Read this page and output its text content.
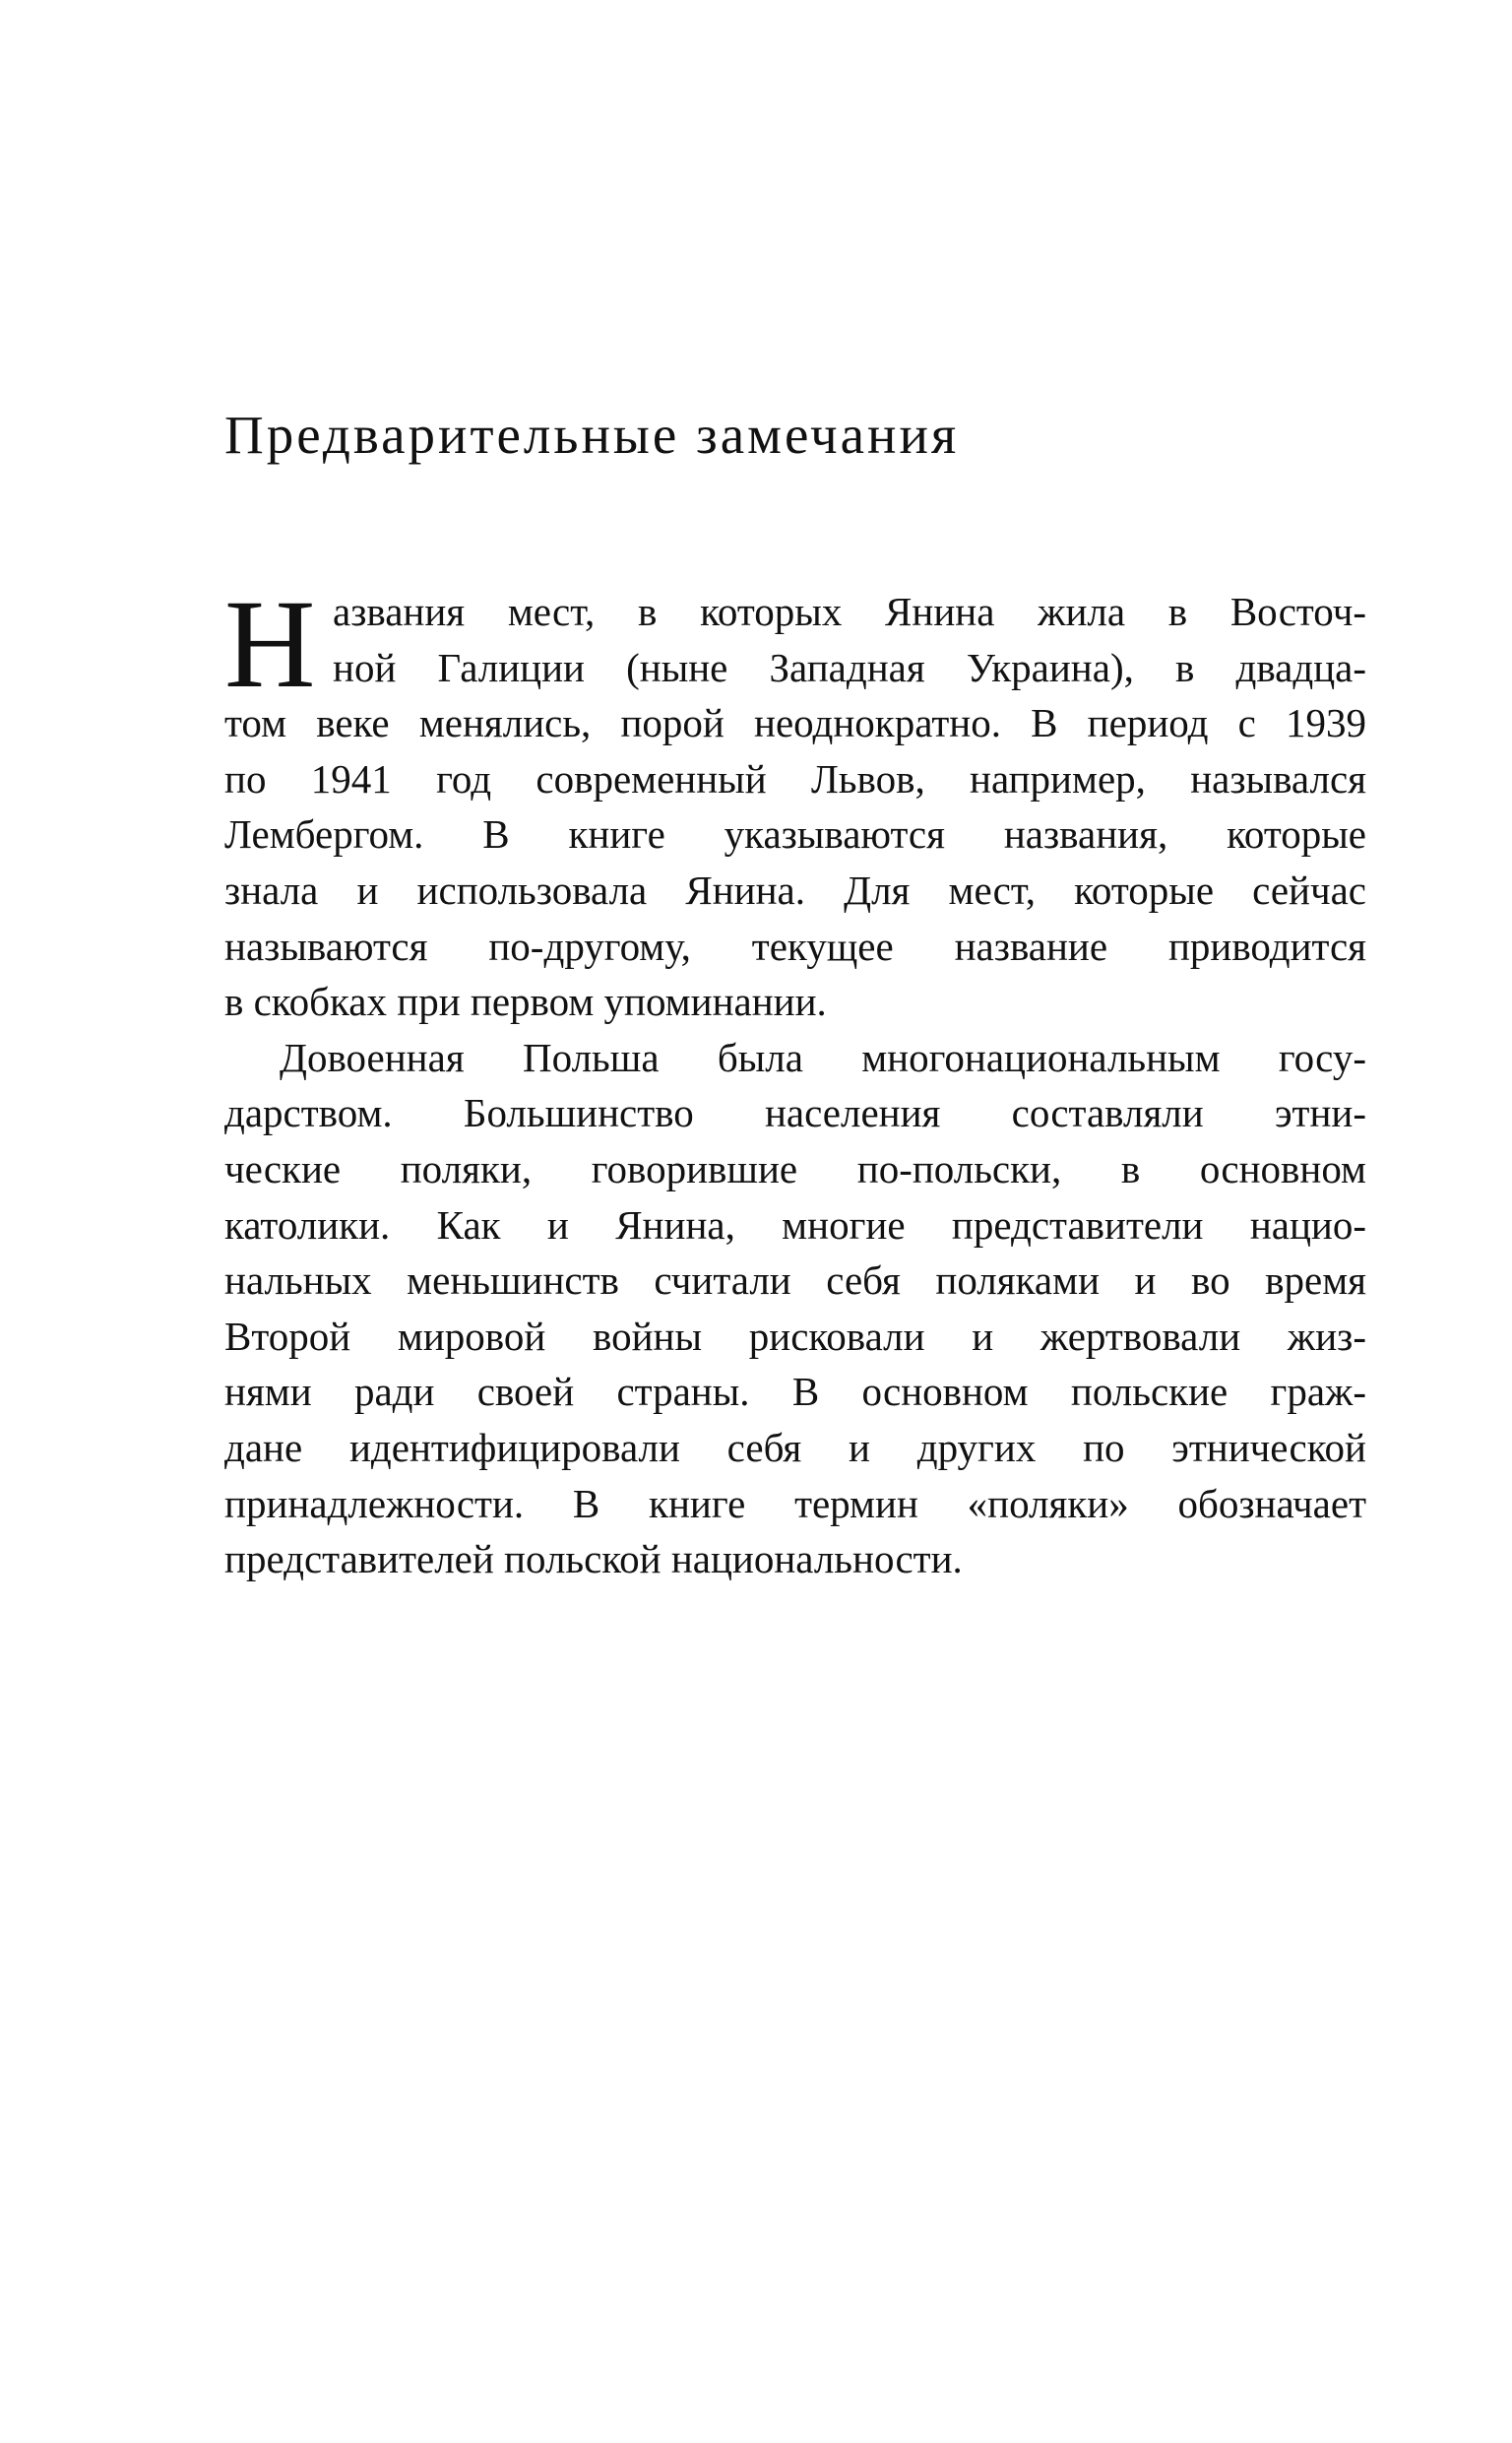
Предварительные замечания
Н азвания мест, в которых Янина жила в Восточ-
ной Галиции (ныне Западная Украина), в двадца-
том веке менялись, порой неоднократно. В период с 1939
по 1941 год современный Львов, например, назывался
Лембергом. В книге указываются названия, которые
знала и использовала Янина. Для мест, которые сейчас
называются по-другому, текущее название приводится
в скобках при первом упоминании.
Довоенная Польша была многонациональным госу-
дарством. Большинство населения составляли этни-
ческие поляки, говорившие по-польски, в основном
католики. Как и Янина, многие представители нацио-
нальных меньшинств считали себя поляками и во время
Второй мировой войны рисковали и жертвовали жиз-
нями ради своей страны. В основном польские граж-
дане идентифицировали себя и других по этнической
принадлежности. В книге термин «поляки» обозначает
представителей польской национальности.
